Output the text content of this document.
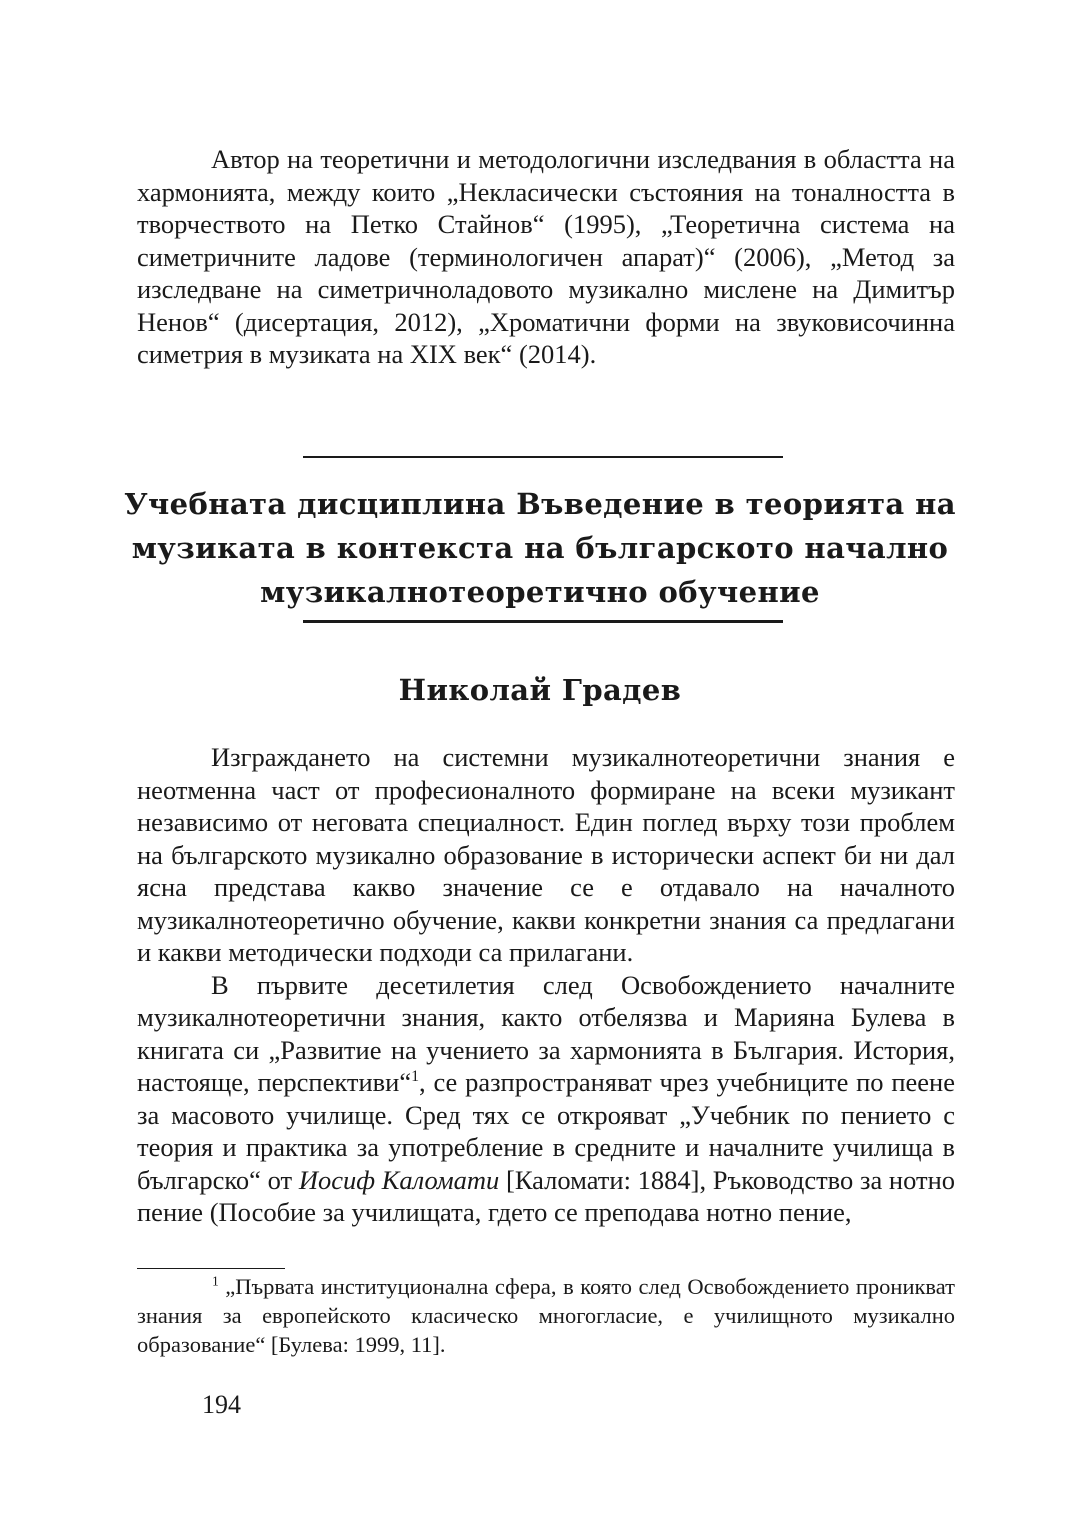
Автор на теоретични и методологични изследвания в областта на хармонията, между които „Некласически състояния на тоналността в творчеството на Петко Стайнов“ (1995), „Теоретична система на симетричните ладове (терминологичен апарат)“ (2006), „Метод за изследване на симетричноладовото музикално мислене на Димитър Ненов“ (дисертация, 2012), „Хроматични форми на звуковисочинна симетрия в музиката на XIX век“ (2014).

Учебната дисциплина Въведение в теорията на музиката в контекста на българското начално музикалнотеоретично обучение
Николай Градев

Изграждането на системни музикалнотеоретични знания е неотменна част от професионалното формиране на всеки музикант независимо от неговата специалност. Един поглед върху този проблем на българското музикално образование в исторически аспект би ни дал ясна представа какво значение се е отдавало на началното музикалнотеоретично обучение, какви конкретни знания са предлагани и какви методически подходи са прилагани.

В първите десетилетия след Освобождението началните музикалнотеоретични знания, както отбелязва и Марияна Булева в книгата си „Развитие на учението за хармонията в България. История, настояще, перспективи“$^1$, се разпространяват чрез учебниците по пеене за масовото училище. Сред тях се открояват „Учебник по пението с теория и практика за употребление в средните и началните училища в българско“ от Иосиф Каломати [Каломати: 1884], Ръководство за нотно пение (Пособие за училищата, гдето се преподава нотно пение,

$^1$ „Първата институционална сфера, в която след Освобождението проникват знания за европейското класическо многогласие, е училищното музикално образование“ [Булева: 1999, 11].

194
